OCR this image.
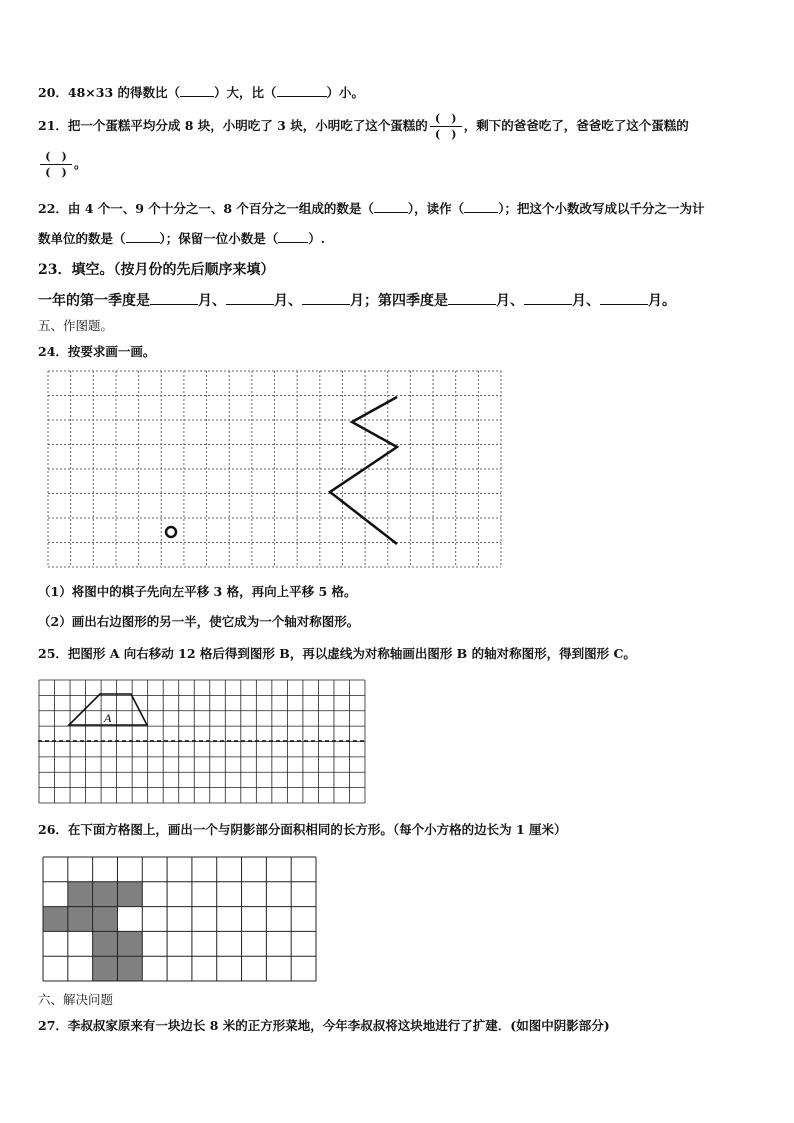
20．48×33 的得数比（	）大，比（	）小。
21．把一个蛋糕平均分成 8 块，小明吃了 3 块，小明吃了这个蛋糕的 $\frac{( )}{( )}$ ，剩下的爸爸吃了，爸爸吃了这个蛋糕的
$\frac{( )}{( )}$ 。
22．由 4 个一、9 个十分之一、8 个百分之一组成的数是（	），读作（	）；把这个小数改写成以千分之一为计
数单位的数是（	）；保留一位小数是（ ）.
23．填空。（按月份的先后顺序来填）
一年的第一季度是	月、	月、	月；第四季度是	月、	月、	月。
五、作图题。
24．按要求画一画。
（1）将图中的棋子先向左平移 3 格，再向上平移 5 格。
（2）画出右边图形的另一半，使它成为一个轴对称图形。
25．把图形 A 向右移动 12 格后得到图形 B，再以虚线为对称轴画出图形 B 的轴对称图形，得到图形 C。
A
26．在下面方格图上，画出一个与阴影部分面积相同的长方形。（每个小方格的边长为 1 厘米）
六、解决问题
27．李叔叔家原来有一块边长 8 米的正方形菜地，今年李叔叔将这块地进行了扩建．(如图中阴影部分)
